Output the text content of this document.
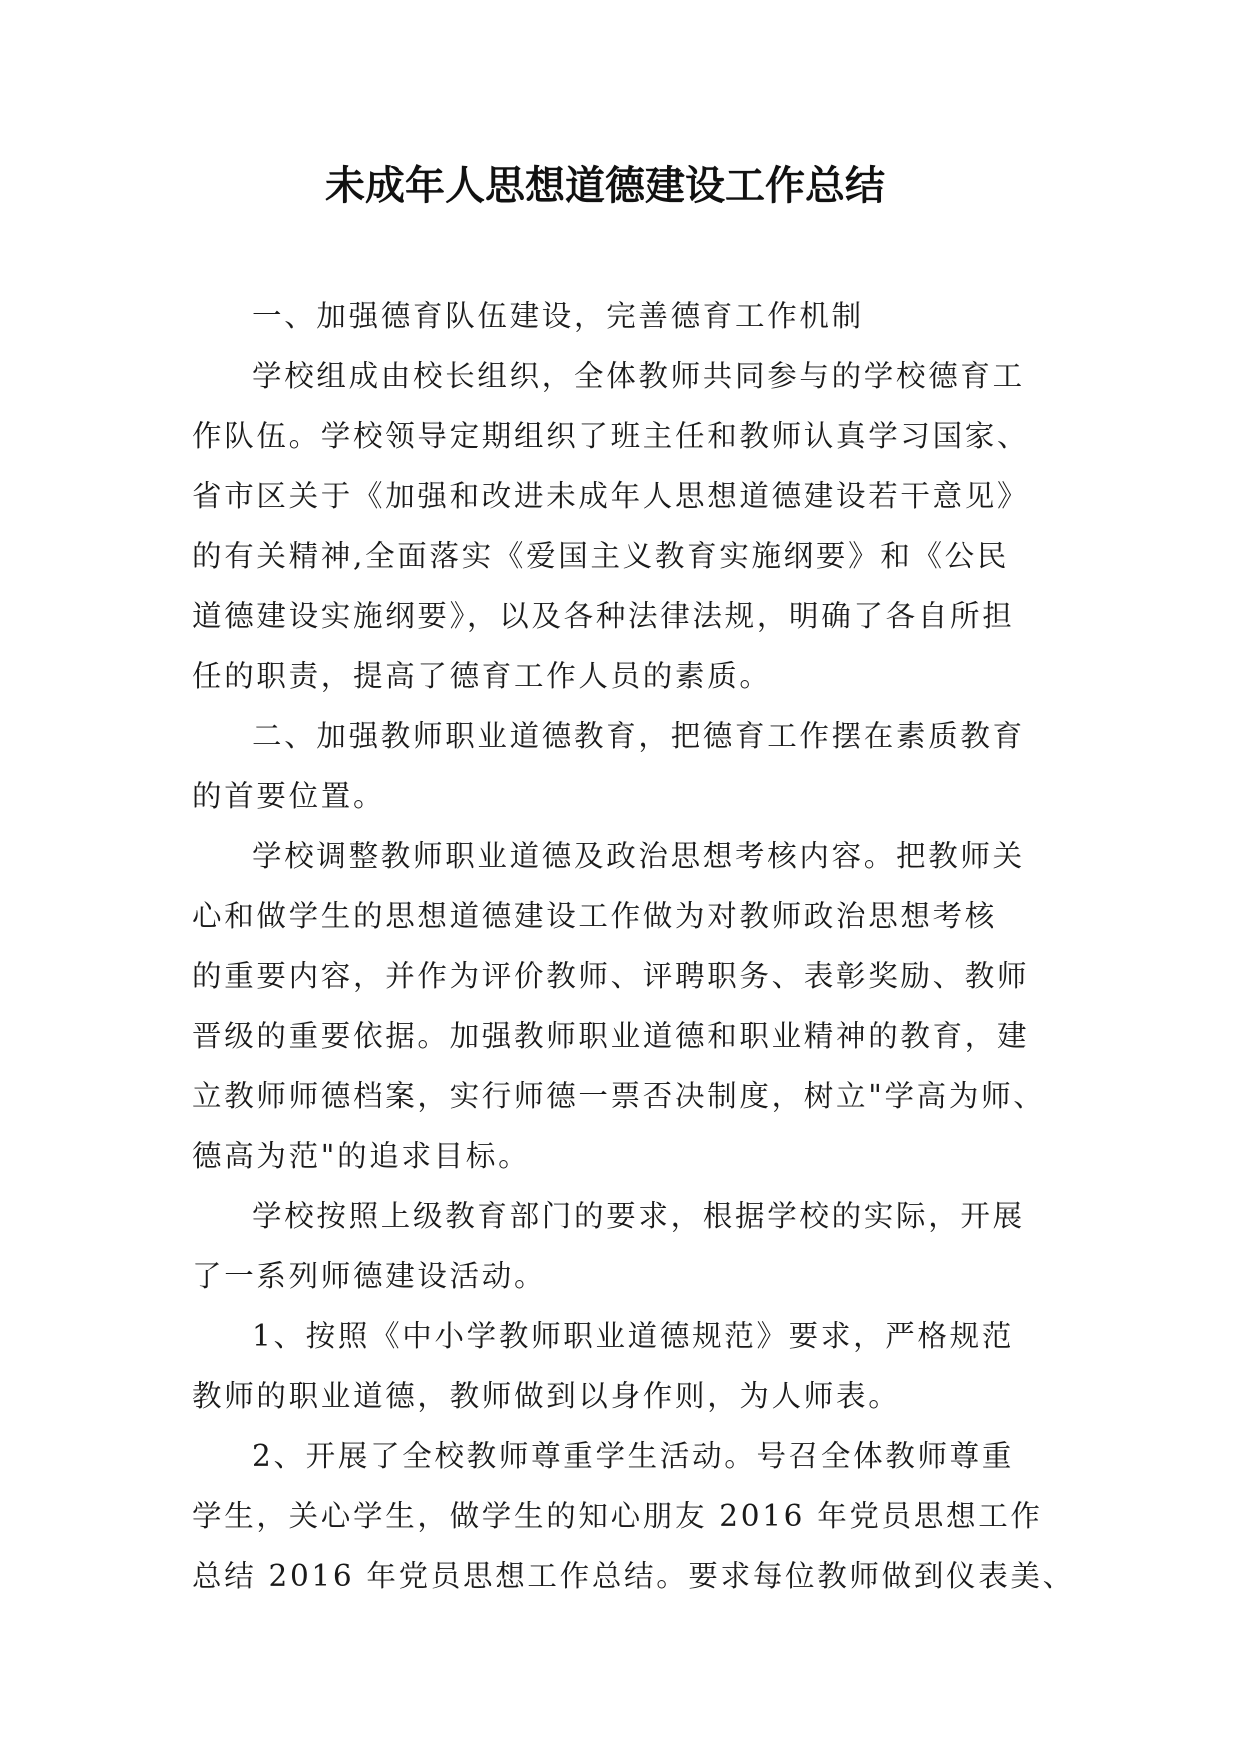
未成年人思想道德建设工作总结
一、加强德育队伍建设，完善德育工作机制
学校组成由校长组织，全体教师共同参与的学校德育工
作队伍。学校领导定期组织了班主任和教师认真学习国家、
省市区关于《加强和改进未成年人思想道德建设若干意见》
的有关精神,全面落实《爱国主义教育实施纲要》和《公民
道德建设实施纲要》，以及各种法律法规，明确了各自所担
任的职责，提高了德育工作人员的素质。
二、加强教师职业道德教育，把德育工作摆在素质教育
的首要位置。
学校调整教师职业道德及政治思想考核内容。把教师关
心和做学生的思想道德建设工作做为对教师政治思想考核
的重要内容，并作为评价教师、评聘职务、表彰奖励、教师
晋级的重要依据。加强教师职业道德和职业精神的教育，建
立教师师德档案，实行师德一票否决制度，树立"学高为师、
德高为范"的追求目标。
学校按照上级教育部门的要求，根据学校的实际，开展
了一系列师德建设活动。
1、按照《中小学教师职业道德规范》要求，严格规范
教师的职业道德，教师做到以身作则，为人师表。
2、开展了全校教师尊重学生活动。号召全体教师尊重
学生，关心学生，做学生的知心朋友 2016 年党员思想工作
总结 2016 年党员思想工作总结。要求每位教师做到仪表美、
